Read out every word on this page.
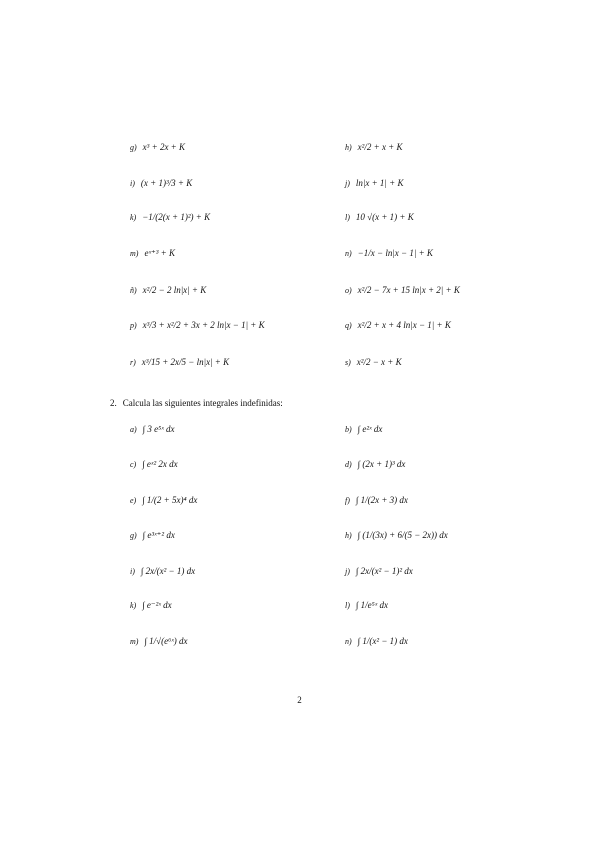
g) x³ + 2x + K	h) x²/2 + x + K
i) (x + 1)³/3 + K	j) ln|x + 1| + K
k) −1/(2(x + 1)²) + K	l) 10 √(x + 1) + K
m) eˣ⁺³ + K	n) −1/x − ln|x − 1| + K
ñ) x²/2 − 2 ln|x| + K	o) x²/2 − 7x + 15 ln|x + 2| + K
p) x³/3 + x²/2 + 3x + 2 ln|x − 1| + K	q) x²/2 + x + 4 ln|x − 1| + K
r) x³/15 + 2x/5 − ln|x| + K	s) x²/2 − x + K
2. Calcula las siguientes integrales indefinidas:
a) ∫ 3 e⁵ˣ dx	b) ∫ e²ˣ dx
c) ∫ eˣ² 2x dx	d) ∫ (2x + 1)³ dx
e) ∫ 1/(2 + 5x)⁴ dx	f) ∫ 1/(2x + 3) dx
g) ∫ e³ˣ⁺² dx	h) ∫ (1/(3x) + 6/(5 − 2x)) dx
i) ∫ 2x/(x² − 1) dx	j) ∫ 2x/(x² − 1)² dx
k) ∫ e⁻²ˣ dx	l) ∫ 1/e⁵ˣ dx
m) ∫ 1/√(e⁶ˣ) dx	n) ∫ 1/(x² − 1) dx
2
